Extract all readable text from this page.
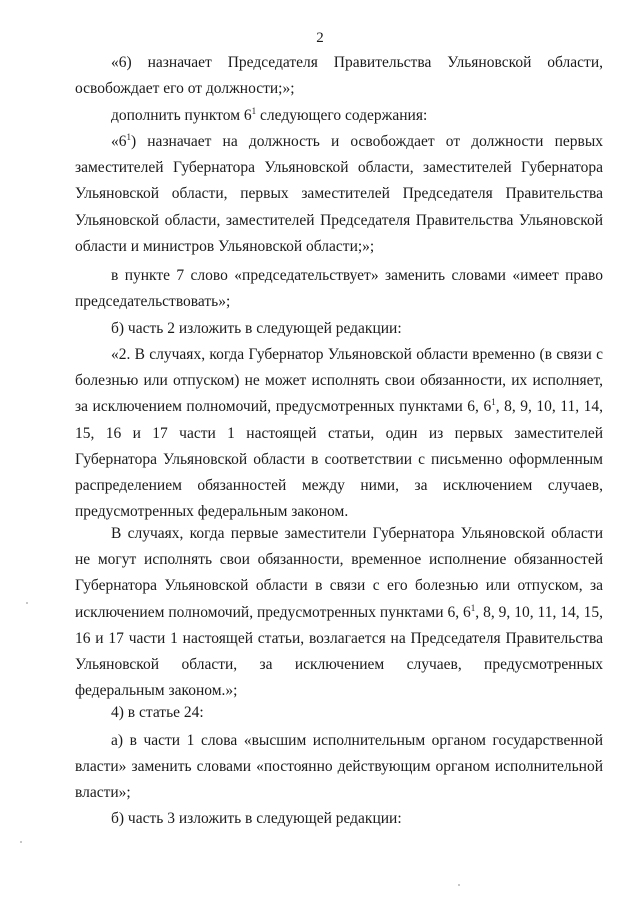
2

«6) назначает Председателя Правительства Ульяновской области, освобождает его от должности;»;

дополнить пунктом $6^1$ следующего содержания:

«$6^1$) назначает на должность и освобождает от должности первых заместителей Губернатора Ульяновской области, заместителей Губернатора Ульяновской области, первых заместителей Председателя Правительства Ульяновской области, заместителей Председателя Правительства Ульяновской области и министров Ульяновской области;»;

в пункте 7 слово «председательствует» заменить словами «имеет право председательствовать»;

б) часть 2 изложить в следующей редакции:

«2. В случаях, когда Губернатор Ульяновской области временно (в связи с болезнью или отпуском) не может исполнять свои обязанности, их исполняет, за исключением полномочий, предусмотренных пунктами 6, $6^1$, 8, 9, 10, 11, 14, 15, 16 и 17 части 1 настоящей статьи, один из первых заместителей Губернатора Ульяновской области в соответствии с письменно оформленным распределением обязанностей между ними, за исключением случаев, предусмотренных федеральным законом.

В случаях, когда первые заместители Губернатора Ульяновской области не могут исполнять свои обязанности, временное исполнение обязанностей Губернатора Ульяновской области в связи с его болезнью или отпуском, за исключением полномочий, предусмотренных пунктами 6, $6^1$, 8, 9, 10, 11, 14, 15, 16 и 17 части 1 настоящей статьи, возлагается на Председателя Правительства Ульяновской области, за исключением случаев, предусмотренных федеральным законом.»;

4) в статье 24:

а) в части 1 слова «высшим исполнительным органом государственной власти» заменить словами «постоянно действующим органом исполнительной власти»;

б) часть 3 изложить в следующей редакции:
